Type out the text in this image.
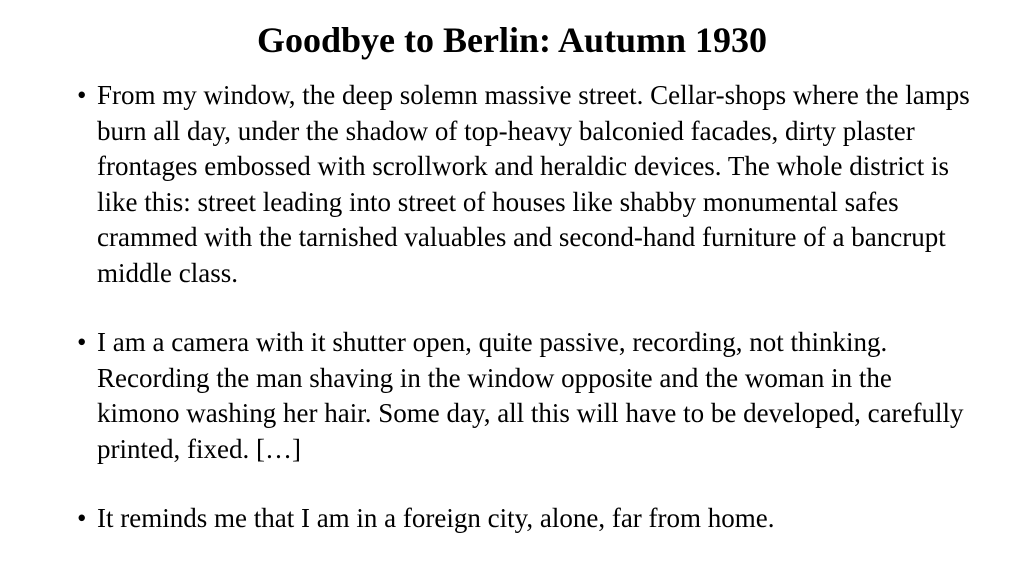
Goodbye to Berlin: Autumn 1930
• From my window, the deep solemn massive street. Cellar-shops where the lamps burn all day, under the shadow of top-heavy balconied facades, dirty plaster frontages embossed with scrollwork and heraldic devices. The whole district is like this: street leading into street of houses like shabby monumental safes crammed with the tarnished valuables and second-hand furniture of a bancrupt middle class.
• I am a camera with it shutter open, quite passive, recording, not thinking. Recording the man shaving in the window opposite and the woman in the kimono washing her hair. Some day, all this will have to be developed, carefully printed, fixed. […]
• It reminds me that I am in a foreign city, alone, far from home.
